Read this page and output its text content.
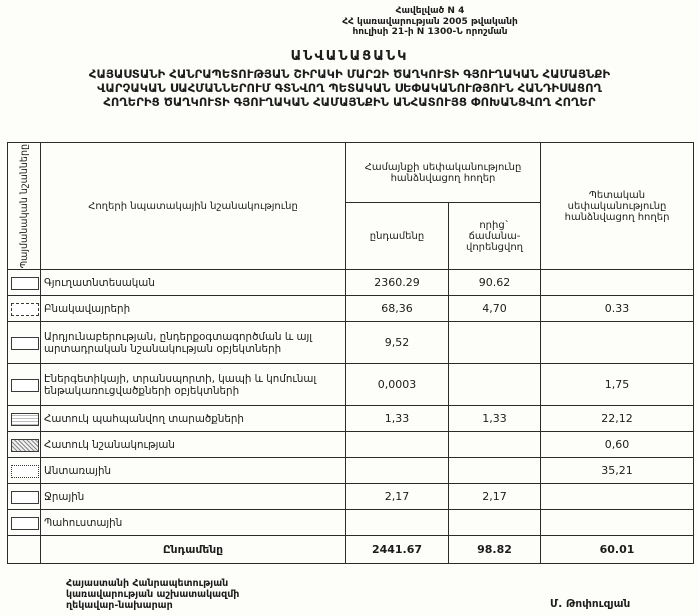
Հավելված N 4
ՀՀ կառավարության 2005 թվականի
հուլիսի 21-ի N 1300-Ն որոշման
ԱՆՎԱՆԱՑԱՆԿ
ՀԱՅԱՍՏԱՆԻ ՀԱՆՐԱՊԵՏՈՒԹՅԱՆ ՇԻՐԱԿԻ ՄԱՐԶԻ ԾԱՂԿՈՒՏԻ ԳՅՈՒՂԱԿԱՆ ՀԱՄԱՅՆՔԻ
ՎԱՐՉԱԿԱՆ ՍԱՀՄԱՆՆԵՐՈՒՄ ԳՏՆՎՈՂ ՊԵՏԱԿԱՆ ՍԵՓԱԿԱՆՈՒԹՅՈՒՆ ՀԱՆԴԻՍԱՑՈՂ
ՀՈՂԵՐԻՑ ԾԱՂԿՈՒՏԻ ԳՅՈՒՂԱԿԱՆ ՀԱՄԱՅՆՔԻՆ ԱՆՀԱՏՈՒՅՑ ՓՈԽԱՆՑՎՈՂ ՀՈՂԵՐ
Պայմանական նշանները	Հողերի նպատակային նշանակությունը	Համայնքի սեփականությունը հանձնվացող հողեր		Պետական սեփականությունը հանձնվացող հողեր
		ընդամենը	որից` ճամանա-վորենցվող	
	Գյուղատնտեսական	2360.29	90.62	
	Բնակավայրերի	68,36	4,70	0.33
	Արդյունաբերության, ընդերքօգտագործման և այլ արտադրական նշանակության օբյեկտների	9,52		
	Էներգետիկայի, տրանսպորտի, կապի և կոմունալ ենթակառուցվածքների օբյեկտների	0,0003		1,75
	Հատուկ պահպանվող տարածքների	1,33	1,33	22,12
	Հատուկ նշանակության			0,60
	Անտառային			35,21
	Ջրային	2,17	2,17	
	Պահուստային			
	Ընդամենը	2441.67	98.82	60.01
Հայաստանի Հանրապետության
կառավարության աշխատակազմի
ղեկավար-նախարար	Մ. Թոփուզյան
